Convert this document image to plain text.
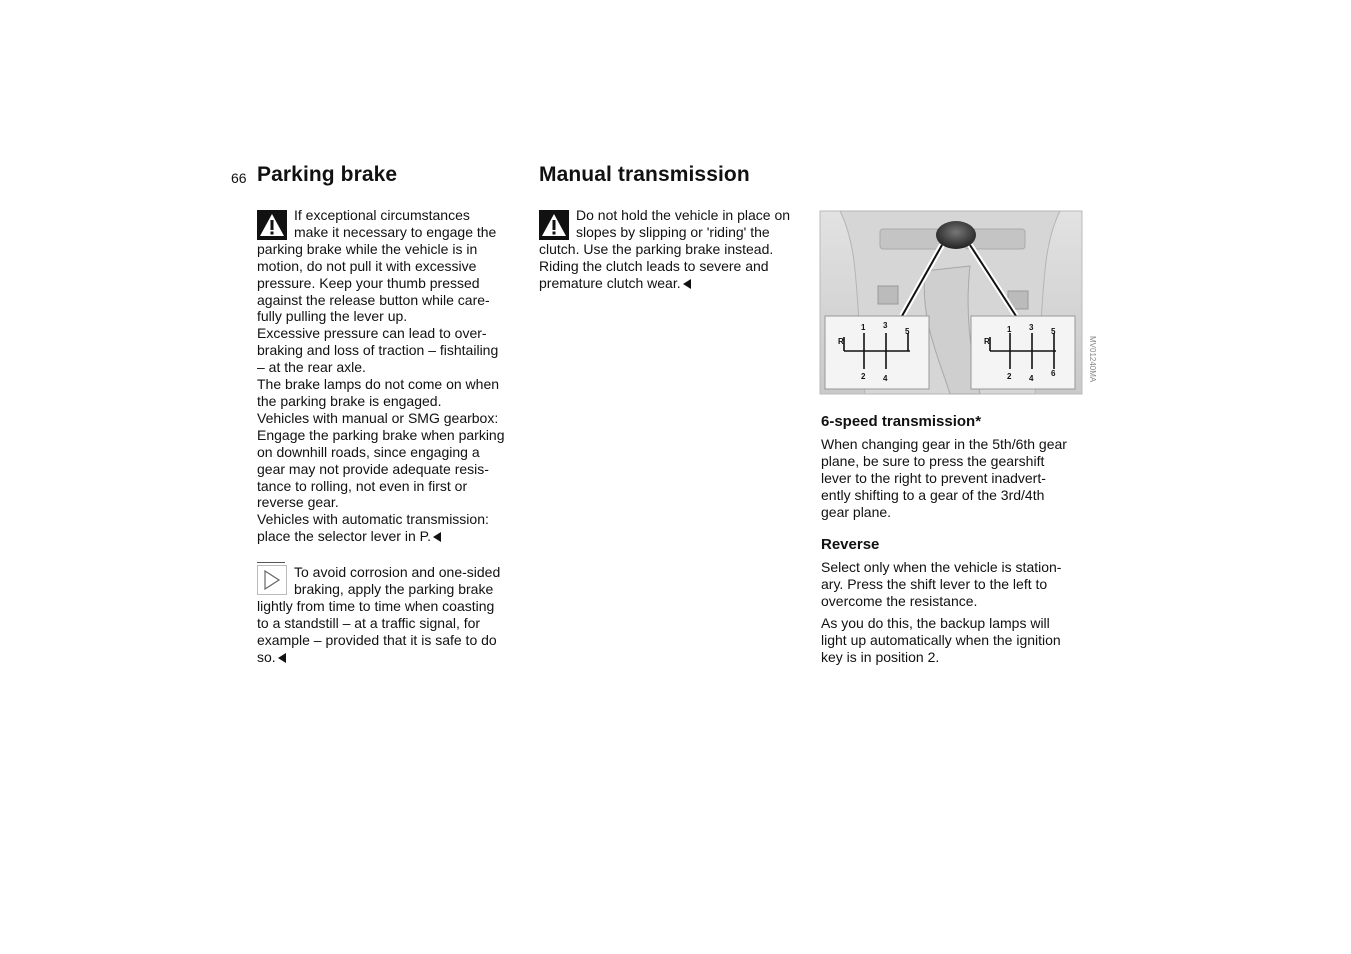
66 Parking brake	Manual transmission

If exceptional circumstances
make it necessary to engage the
parking brake while the vehicle is in
motion, do not pull it with excessive
pressure. Keep your thumb pressed
against the release button while care-
fully pulling the lever up.
Excessive pressure can lead to over-
braking and loss of traction – fishtailing
– at the rear axle.
The brake lamps do not come on when
the parking brake is engaged.
Vehicles with manual or SMG gearbox:
Engage the parking brake when parking
on downhill roads, since engaging a
gear may not provide adequate resis-
tance to rolling, not even in first or
reverse gear.
Vehicles with automatic transmission:
place the selector lever in P.

To avoid corrosion and one-sided
braking, apply the parking brake
lightly from time to time when coasting
to a standstill – at a traffic signal, for
example – provided that it is safe to do
so.

Do not hold the vehicle in place on
slopes by slipping or 'riding' the
clutch. Use the parking brake instead.
Riding the clutch leads to severe and
premature clutch wear.

R
1 3
5
2 4
R
1 3 5
2 4
6	MV01240MA
6-speed transmission*

When changing gear in the 5th/6th gear
plane, be sure to press the gearshift
lever to the right to prevent inadvert-
ently shifting to a gear of the 3rd/4th
gear plane.

Reverse

Select only when the vehicle is station-
ary. Press the shift lever to the left to
overcome the resistance.

As you do this, the backup lamps will
light up automatically when the ignition
key is in position 2.
